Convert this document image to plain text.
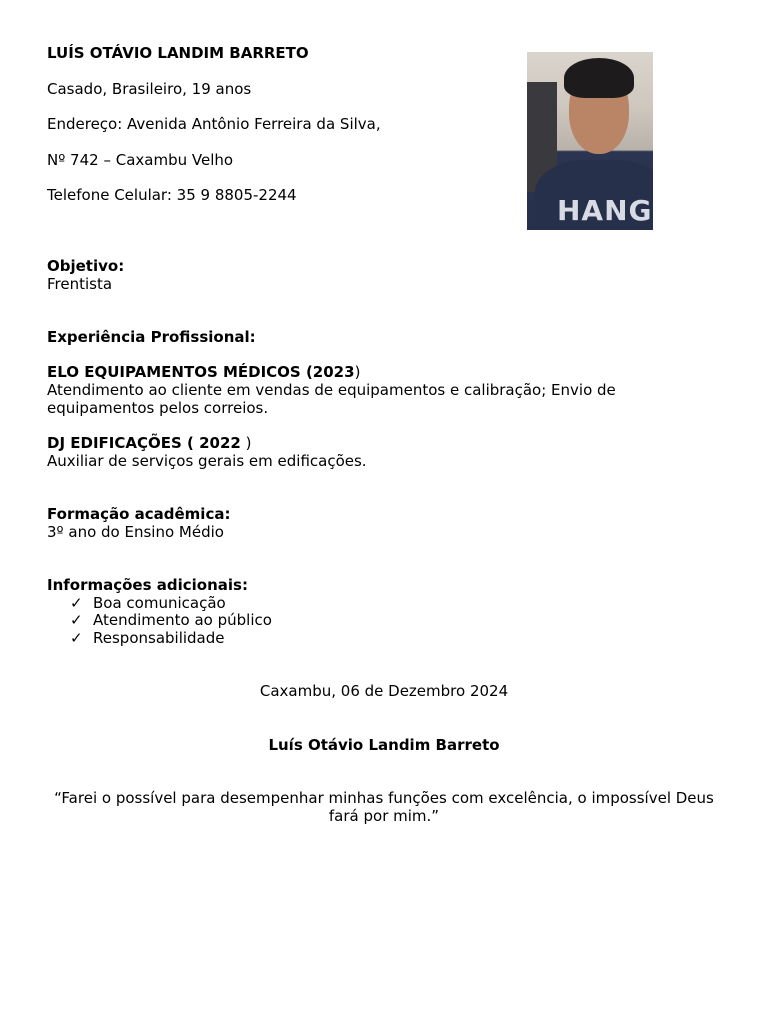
LUÍS OTÁVIO LANDIM BARRETO
Casado, Brasileiro, 19 anos
Endereço: Avenida Antônio Ferreira da Silva,
Nº 742 – Caxambu Velho
Telefone Celular: 35 9 8805-2244	HANG
Objetivo:
Frentista
Experiência Profissional:
ELO EQUIPAMENTOS MÉDICOS (2023)
Atendimento ao cliente em vendas de equipamentos e calibração; Envio de equipamentos pelos correios.
DJ EDIFICAÇÕES ( 2022 )
Auxiliar de serviços gerais em edificações.
Formação acadêmica:
3º ano do Ensino Médio
Informações adicionais:
✓ Boa comunicação
✓ Atendimento ao público
✓ Responsabilidade
Caxambu, 06 de Dezembro 2024
Luís Otávio Landim Barreto
“Farei o possível para desempenhar minhas funções com excelência, o impossível Deus fará por mim.”
